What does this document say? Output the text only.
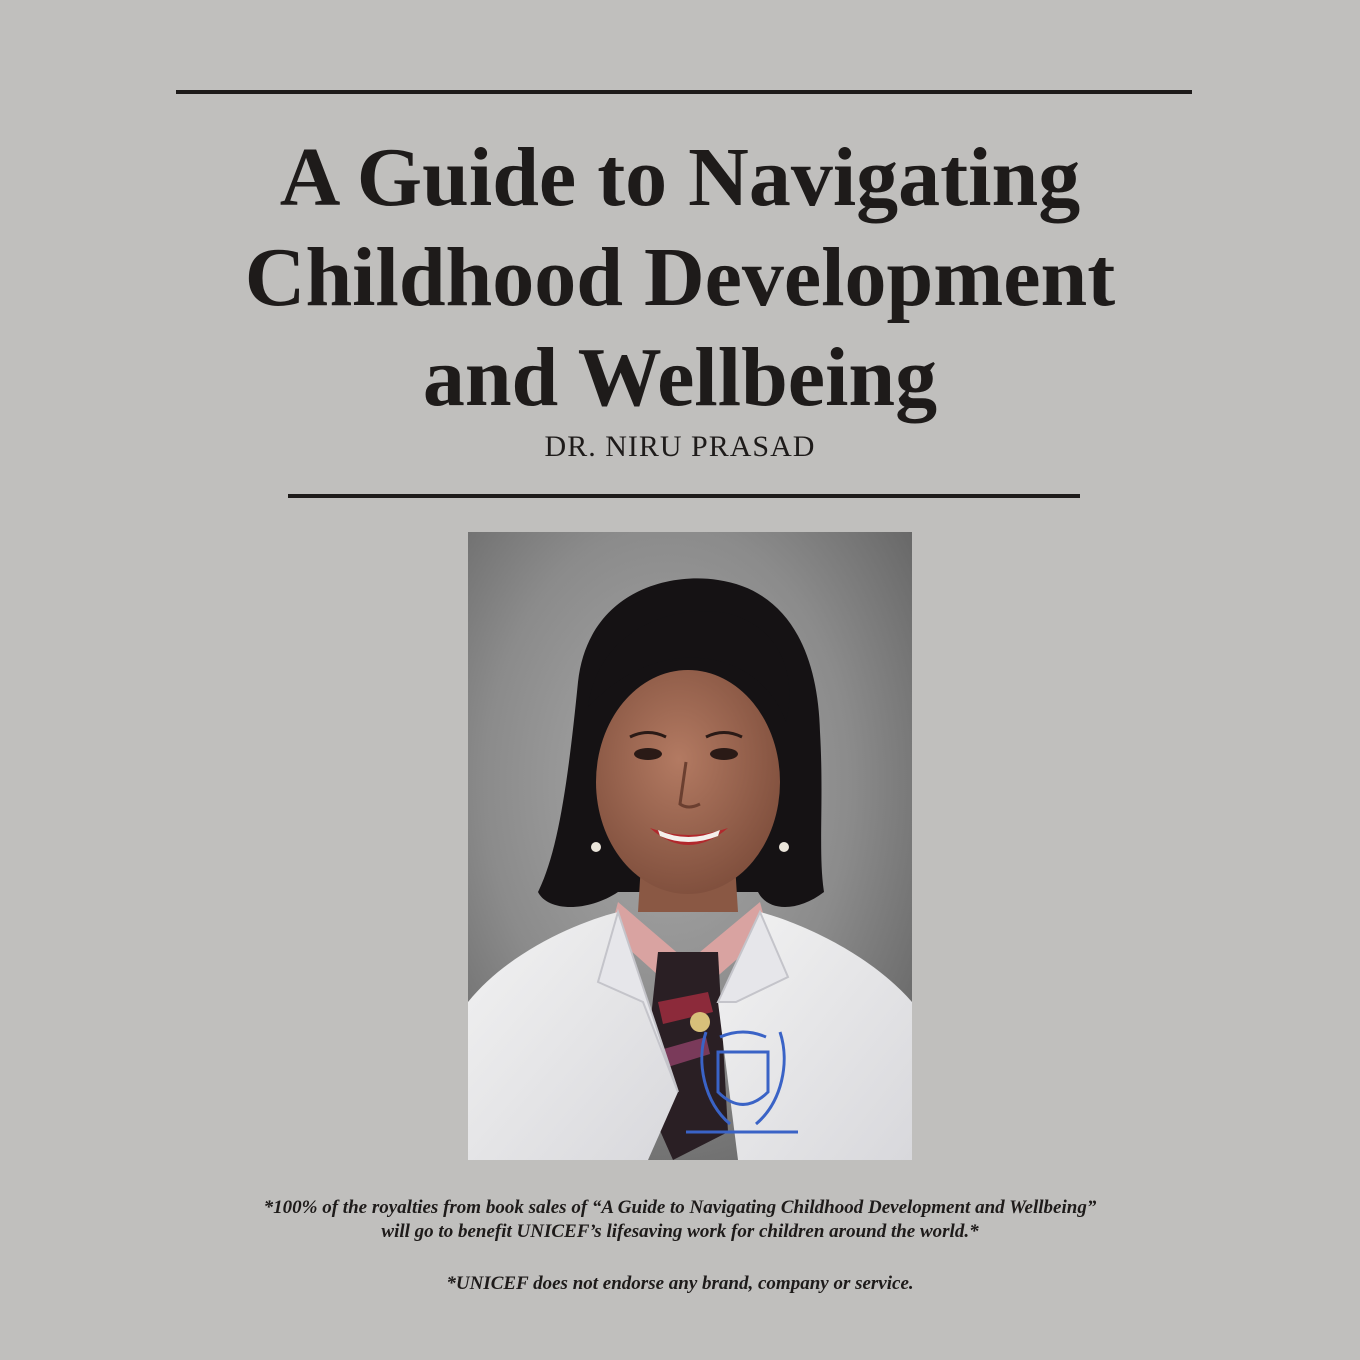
A Guide to Navigating
Childhood Development
and Wellbeing
DR. NIRU PRASAD

*100% of the royalties from book sales of “A Guide to Navigating Childhood Development and Wellbeing”

will go to benefit UNICEF’s lifesaving work for children around the world.*

*UNICEF does not endorse any brand, company or service.
